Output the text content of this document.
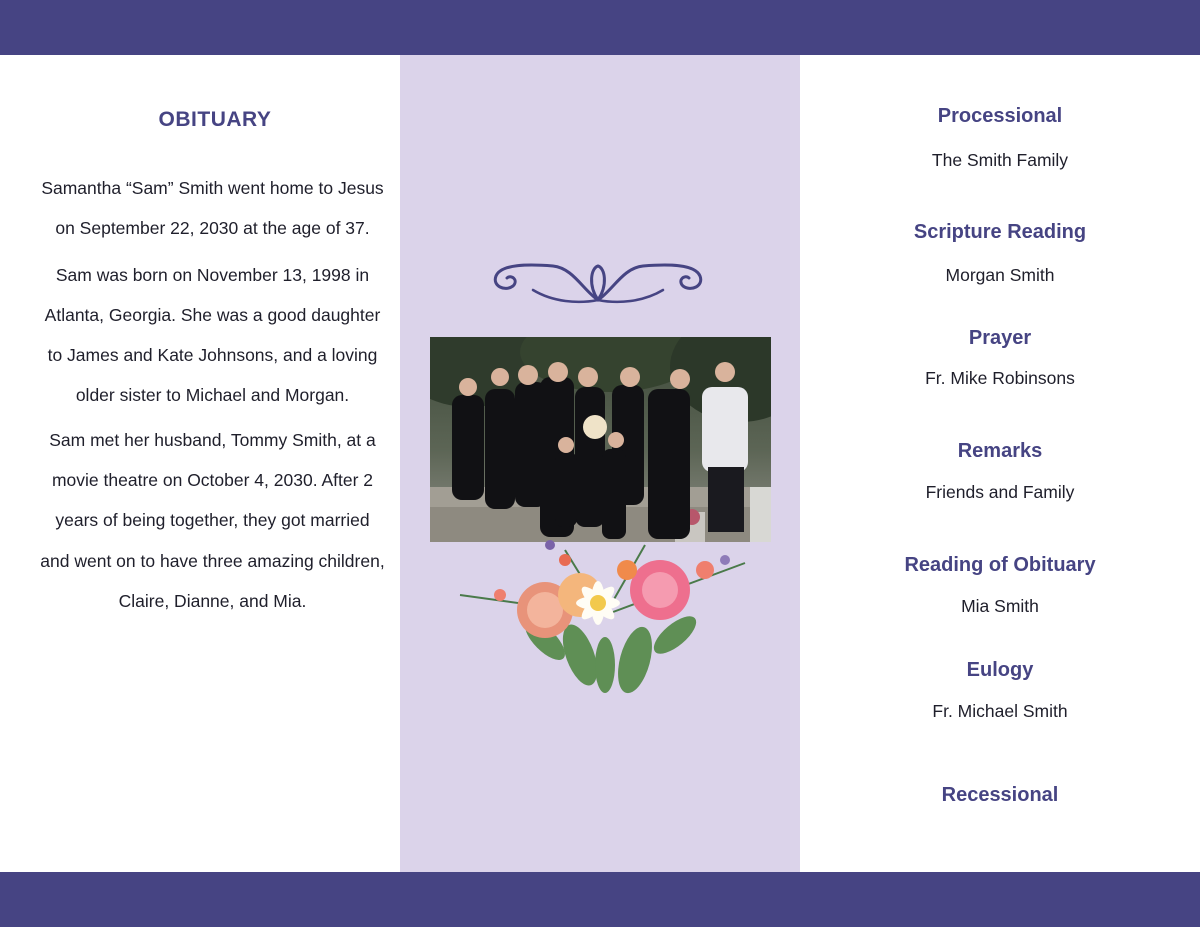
OBITUARY

Samantha “Sam” Smith went home to Jesus on September 22, 2030 at the age of 37.

Sam was born on November 13, 1998 in Atlanta, Georgia. She was a good daughter to James and Kate Johnsons, and a loving older sister to Michael and Morgan.

Sam met her husband, Tommy Smith, at a movie theatre on October 4, 2030. After 2 years of being together, they got married and went on to have three amazing children, Claire, Dianne, and Mia.

Processional
The Smith Family
Scripture Reading
Morgan Smith
Prayer
Fr. Mike Robinsons
Remarks
Friends and Family
Reading of Obituary
Mia Smith
Eulogy
Fr. Michael Smith
Recessional
